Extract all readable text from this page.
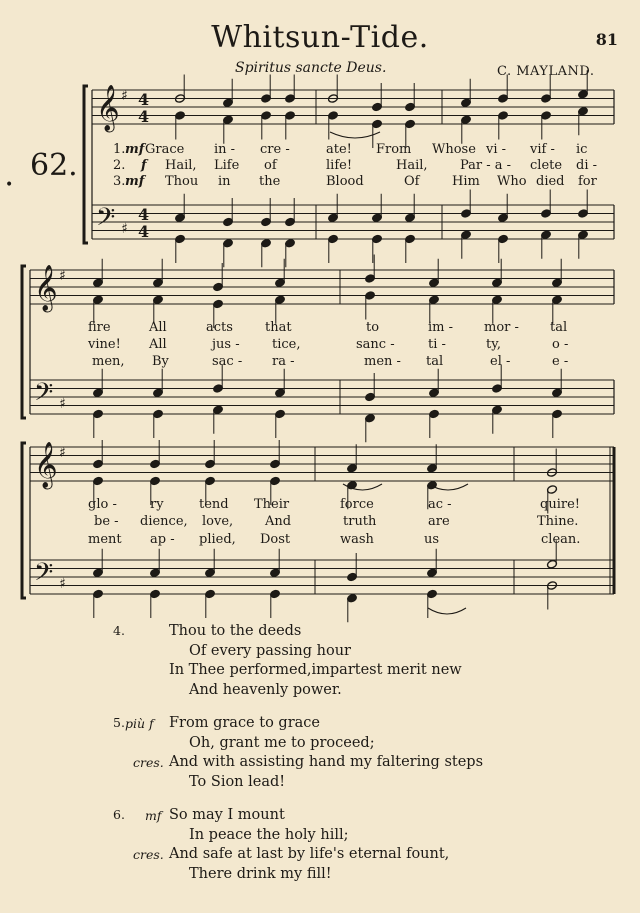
Whitsun-Tide.	81
Spiritus sancte Deus.	C. MAYLAND.
62.
•
𝄞 ♯ 4
4
𝄢 ♯
4
4
𝄞 ♯
𝄢 ♯
𝄞 ♯
𝄢 ♯
1. mf Grace in - cre -	ate! From Whose vi - vif - ic
2. f Hail, Life of	life!	Hail, Par - a - clete di -
3. mf Thou in the	Blood	Of	Him Who died for
fire	All	acts that	to	im - mor - tal
vine! All	jus - tice,	sanc -	ti -	ty,	o -
men, By	sac - ra -	men - tal	el -	e -
glo -	ry	tend Their	force	ac -	quire!
be - dience, love, And	truth	are	Thine.
ment ap - plied, Dost	wash	us	clean.
4.	Thou to the deeds
Of every passing hour
In Thee performed,impartest merit new
And heavenly power.
5. più f From grace to grace
Oh, grant me to proceed;
cres. And with assisting hand my faltering steps
To Sion lead!
6. mf So may I mount
In peace the holy hill;
cres. And safe at last by life's eternal fount,
There drink my fill!
